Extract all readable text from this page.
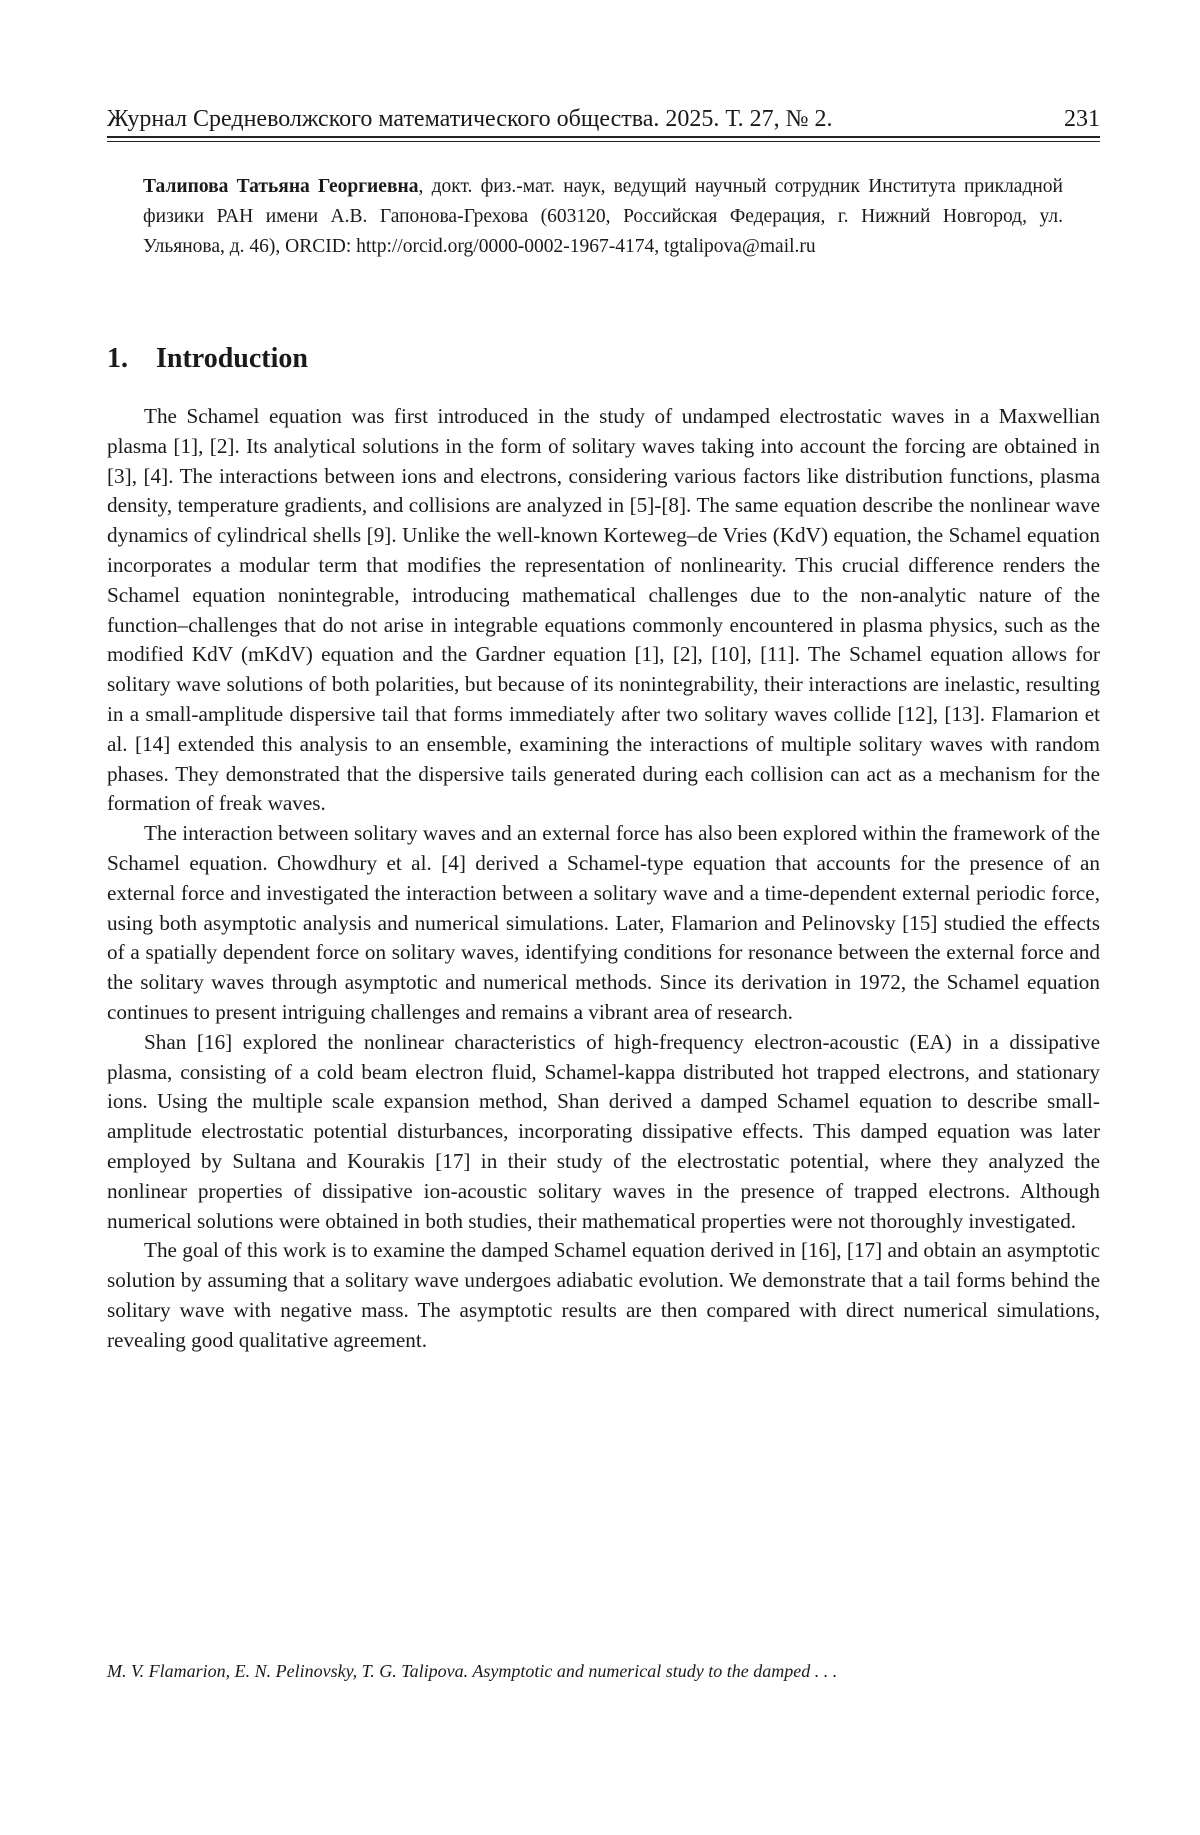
Журнал Средневолжского математического общества. 2025. Т. 27, № 2.	231
Талипова Татьяна Георгиевна, докт. физ.-мат. наук, ведущий научный сотрудник Института прикладной физики РАН имени А.В. Гапонова-Грехова (603120, Российская Федерация, г. Нижний Новгород, ул. Ульянова, д. 46), ORCID: http://orcid.org/0000-0002-1967-4174, tgtalipova@mail.ru
1. Introduction

The Schamel equation was first introduced in the study of undamped electrostatic waves in a Maxwellian plasma [1], [2]. Its analytical solutions in the form of solitary waves taking into account the forcing are obtained in [3], [4]. The interactions between ions and electrons, considering various factors like distribution functions, plasma density, temperature gradients, and collisions are analyzed in [5]-[8]. The same equation describe the nonlinear wave dynamics of cylindrical shells [9]. Unlike the well-known Korteweg–de Vries (KdV) equation, the Schamel equation incorporates a modular term that modifies the representation of nonlinearity. This crucial difference renders the Schamel equation nonintegrable, introducing mathematical challenges due to the non-analytic nature of the function–challenges that do not arise in integrable equations commonly encountered in plasma physics, such as the modified KdV (mKdV) equation and the Gardner equation [1], [2], [10], [11]. The Schamel equation allows for solitary wave solutions of both polarities, but because of its nonintegrability, their interactions are inelastic, resulting in a small-amplitude dispersive tail that forms immediately after two solitary waves collide [12], [13]. Flamarion et al. [14] extended this analysis to an ensemble, examining the interactions of multiple solitary waves with random phases. They demonstrated that the dispersive tails generated during each collision can act as a mechanism for the formation of freak waves.

The interaction between solitary waves and an external force has also been explored within the framework of the Schamel equation. Chowdhury et al. [4] derived a Schamel-type equation that accounts for the presence of an external force and investigated the interaction between a solitary wave and a time-dependent external periodic force, using both asymptotic analysis and numerical simulations. Later, Flamarion and Pelinovsky [15] studied the effects of a spatially dependent force on solitary waves, identifying conditions for resonance between the external force and the solitary waves through asymptotic and numerical methods. Since its derivation in 1972, the Schamel equation continues to present intriguing challenges and remains a vibrant area of research.

Shan [16] explored the nonlinear characteristics of high-frequency electron-acoustic (EA) in a dissipative plasma, consisting of a cold beam electron fluid, Schamel-kappa distributed hot trapped electrons, and stationary ions. Using the multiple scale expansion method, Shan derived a damped Schamel equation to describe small-amplitude electrostatic potential disturbances, incorporating dissipative effects. This damped equation was later employed by Sultana and Kourakis [17] in their study of the electrostatic potential, where they analyzed the nonlinear properties of dissipative ion-acoustic solitary waves in the presence of trapped electrons. Although numerical solutions were obtained in both studies, their mathematical properties were not thoroughly investigated.

The goal of this work is to examine the damped Schamel equation derived in [16], [17] and obtain an asymptotic solution by assuming that a solitary wave undergoes adiabatic evolution. We demonstrate that a tail forms behind the solitary wave with negative mass. The asymptotic results are then compared with direct numerical simulations, revealing good qualitative agreement.

M. V. Flamarion, E. N. Pelinovsky, T. G. Talipova. Asymptotic and numerical study to the damped . . .
